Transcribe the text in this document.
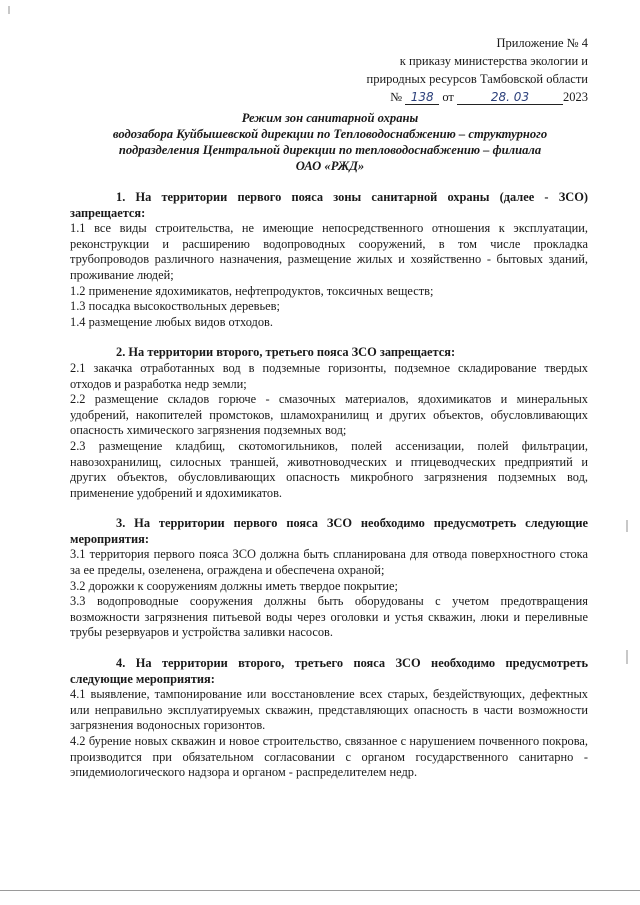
Приложение № 4
к приказу министерства экологии и
природных ресурсов Тамбовской области
№ 138 от	28. 03	2023
Режим зон санитарной охраны
водозабора Куйбышевской дирекции по Тепловодоснабжению – структурного
подразделения Центральной дирекции по тепловодоснабжению – филиала
ОАО «РЖД»

1. На территории первого пояса зоны санитарной охраны (далее - ЗСО) запрещается:

1.1 все виды строительства, не имеющие непосредственного отношения к эксплуатации, реконструкции и расширению водопроводных сооружений, в том числе прокладка трубопроводов различного назначения, размещение жилых и хозяйственно - бытовых зданий, проживание людей;

1.2 применение ядохимикатов, нефтепродуктов, токсичных веществ;

1.3 посадка высокоствольных деревьев;

1.4 размещение любых видов отходов.

2. На территории второго, третьего пояса ЗСО запрещается:

2.1 закачка отработанных вод в подземные горизонты, подземное складирование твердых отходов и разработка недр земли;

2.2 размещение складов горюче - смазочных материалов, ядохимикатов и минеральных удобрений, накопителей промстоков, шламохранилищ и других объектов, обусловливающих опасность химического загрязнения подземных вод;

2.3 размещение кладбищ, скотомогильников, полей ассенизации, полей фильтрации, навозохранилищ, силосных траншей, животноводческих и птицеводческих предприятий и других объектов, обусловливающих опасность микробного загрязнения подземных вод, применение удобрений и ядохимикатов.

3. На территории первого пояса ЗСО необходимо предусмотреть следующие мероприятия:

3.1 территория первого пояса ЗСО должна быть спланирована для отвода поверхностного стока за ее пределы, озеленена, ограждена и обеспечена охраной;

3.2 дорожки к сооружениям должны иметь твердое покрытие;

3.3 водопроводные сооружения должны быть оборудованы с учетом предотвращения возможности загрязнения питьевой воды через оголовки и устья скважин, люки и переливные трубы резервуаров и устройства заливки насосов.

4. На территории второго, третьего пояса ЗСО необходимо предусмотреть следующие мероприятия:

4.1 выявление, тампонирование или восстановление всех старых, бездействующих, дефектных или неправильно эксплуатируемых скважин, представляющих опасность в части возможности загрязнения водоносных горизонтов.

4.2 бурение новых скважин и новое строительство, связанное с нарушением почвенного покрова, производится при обязательном согласовании с органом государственного санитарно - эпидемиологического надзора и органом - распределителем недр.
